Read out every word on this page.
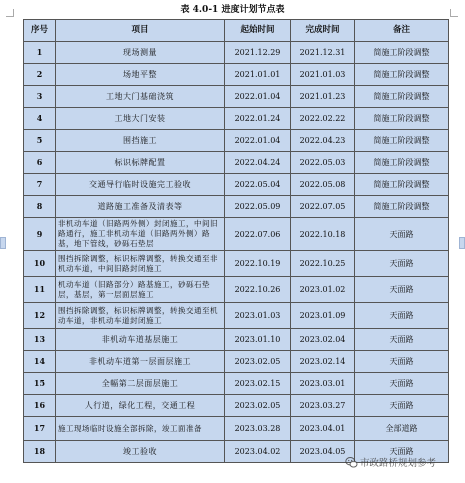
表 4.0-1 进度计划节点表
序号	项目	起始时间	完成时间	备注
1	现场测量	2021.12.29	2021.12.31	简施工阶段调整
2	场地平整	2021.01.01	2021.01.03	简施工阶段调整
3	工地大门基础浇筑	2022.01.04	2021.01.23	简施工阶段调整
4	工地大门安装	2022.01.24	2022.02.22	简施工阶段调整
5	围挡施工	2022.01.04	2022.04.23	简施工阶段调整
6	标识标牌配置	2022.04.24	2022.05.03	简施工阶段调整
7	交通导行临时设施完工验收	2022.05.04	2022.05.08	简施工阶段调整
8	道路施工准备及清表等	2022.05.09	2022.07.05	简施工阶段调整
9	非机动车道（旧路两外侧）封闭施工，中间旧路通行，施工非机动车道（旧路两外侧）路基，地下管线，砂砾石垫层	2022.07.06	2022.10.18	天面路
10	围挡拆除调整，标识标牌调整，转换交通至非机动车道，中间旧路封闭施工	2022.10.19	2022.10.25	天面路
11	机动车道（旧路部分）路基施工，砂砾石垫层，基层，第一层面层施工	2022.10.26	2023.01.02	天面路
12	围挡拆除调整，标识标牌调整，转换交通至机动车道，非机动车道封闭施工	2023.01.03	2023.01.09	天面路
13	非机动车道基层施工	2023.01.10	2023.02.04	天面路
14	非机动车道第一层面层施工	2023.02.05	2023.02.14	天面路
15	全幅第二层面层施工	2023.02.15	2023.03.01	天面路
16	人行道，绿化工程，交通工程	2023.02.05	2023.03.27	天面路
17	施工现场临时设施全部拆除，竣工面准备	2023.03.28	2023.04.01	全部道路
18	竣工验收	2023.04.02	2023.04.05	天面路
市政路桥规划参考
